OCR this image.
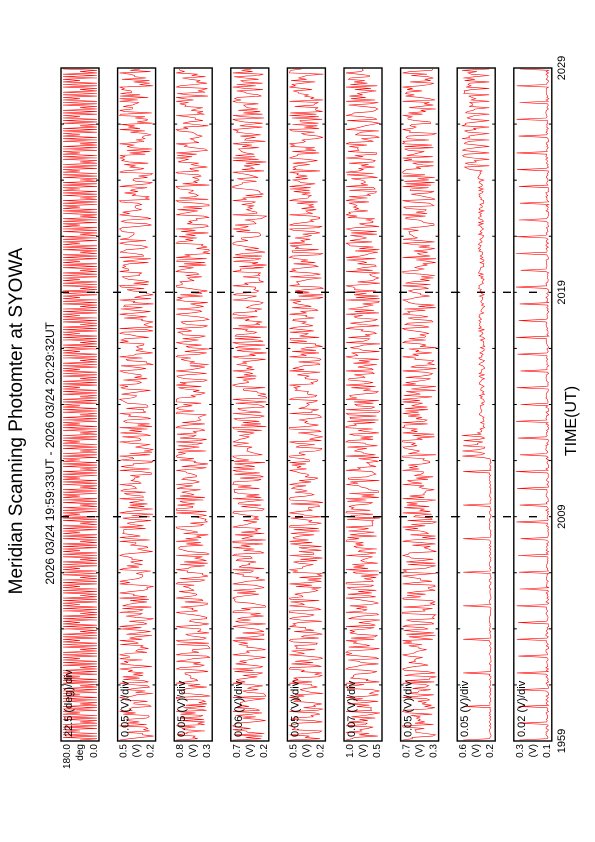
Meridian Scanning Photomter at SYOWA 2026 03/24 19:59:33UT - 2026 03/24 20:29:32UT	TIME(UT)
22.5 (deg)/div
180.0 0.0
deg
0.05 (V)/div
0.5 0.2
(V)
0.05 (V)/div
0.8 0.3
(V)
0.06 (V)/div
0.7 0.2
(V)
0.05 (V)/div
0.5 0.2
(V)
0.07 (V)/div
1.0 0.5
(V)
0.05 (V)/div
0.7 0.3
(V)
0.05 (V)/div
0.6 0.2
(V)
0.02 (V)/div
0.3 0.1
(V) 1959
2009
2019
2029
